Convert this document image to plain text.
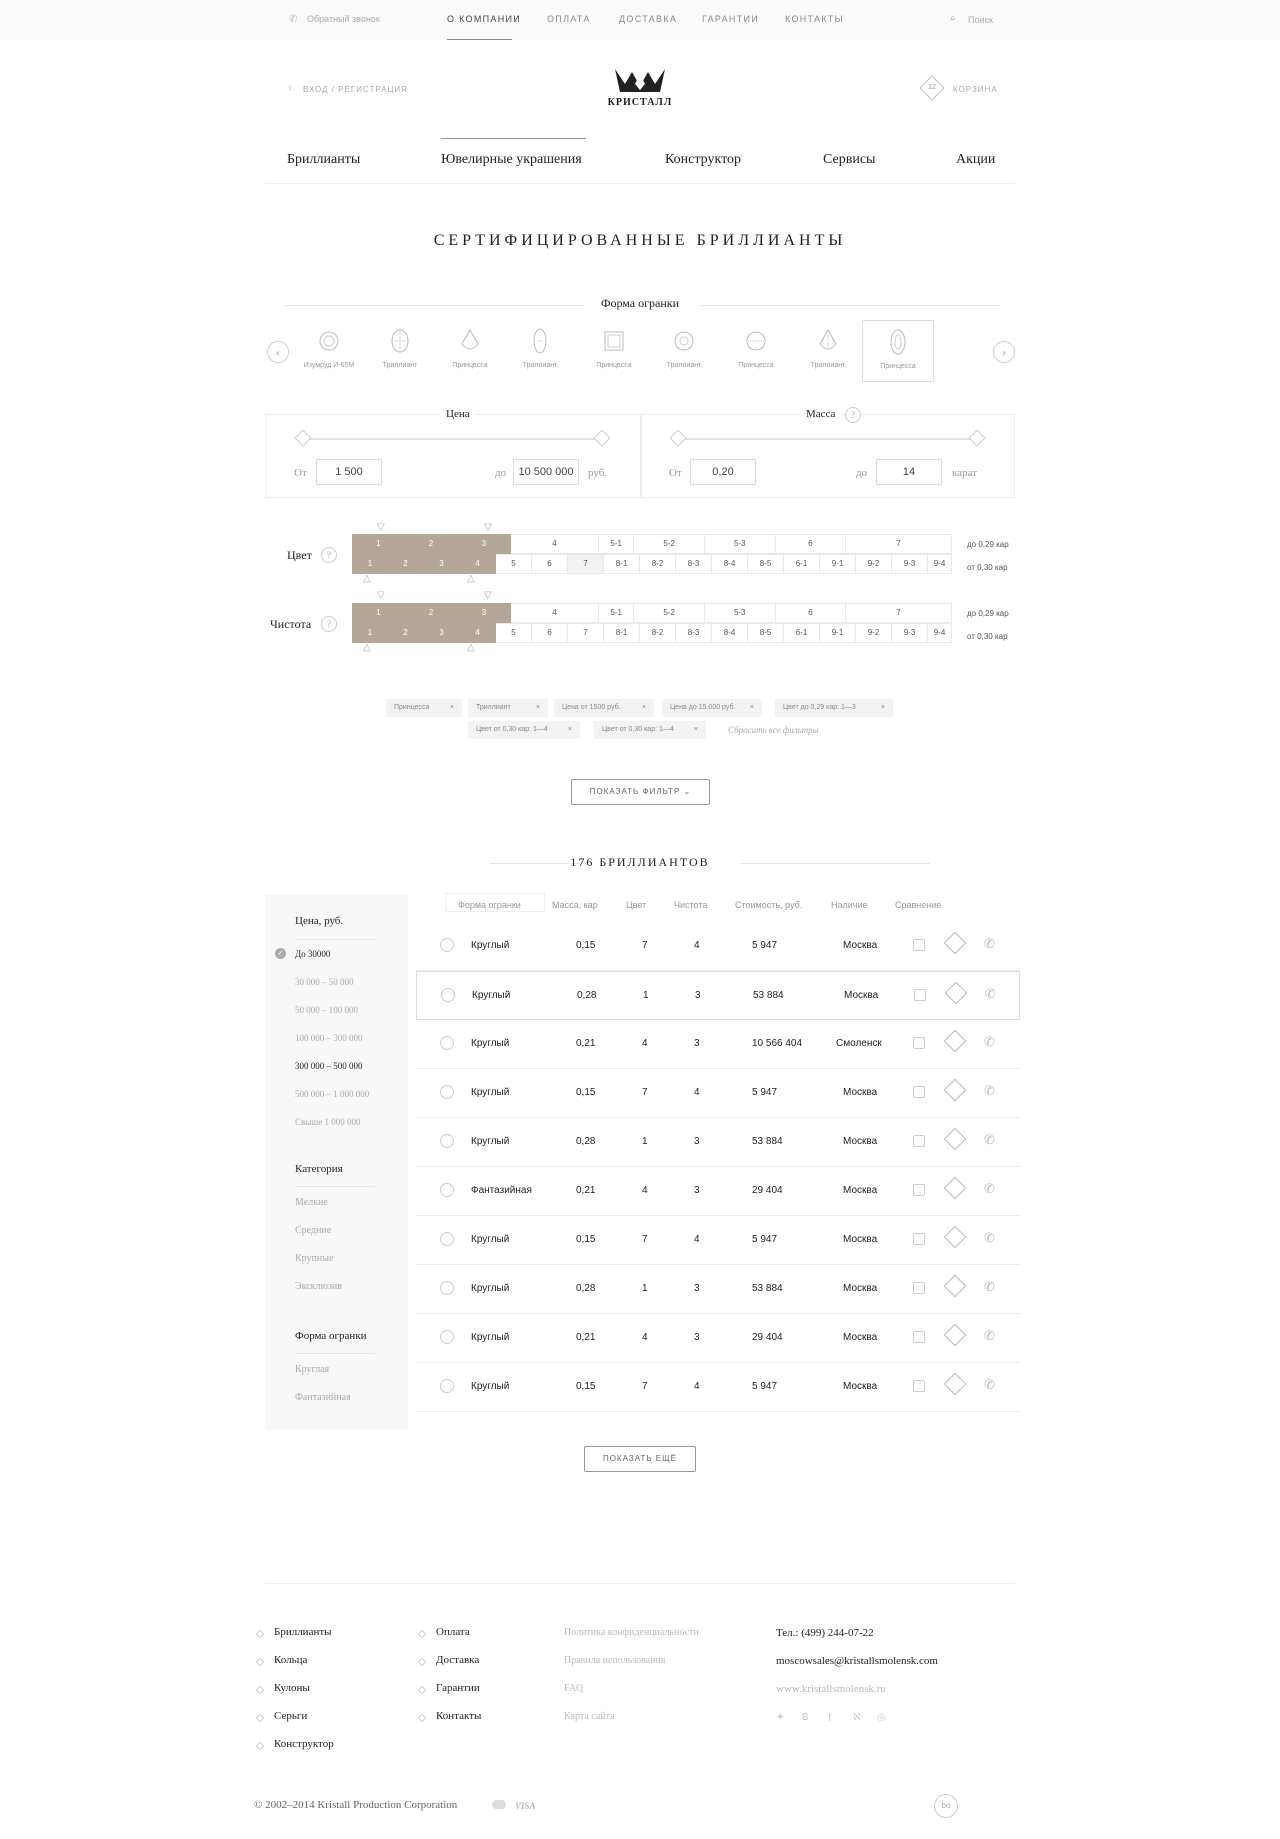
✆ Обратный звонок	О КОМПАНИИ	ОПЛАТА	ДОСТАВКА	ГАРАНТИИ	КОНТАКТЫ	⌕ Поиск
♀ ВХОД / РЕГИСТРАЦИЯ
КРИСТАЛЛ
12	КОРЗИНА
Бриллианты	Ювелирные украшения	Конструктор	Сервисы	Акции
СЕРТИФИЦИРОВАННЫЕ БРИЛЛИАНТЫ
Форма огранки
‹	›
Изумруд И-65М	Триллиант	Принцесса	Триллиант	Принцесса	Триллиант	Принцесса	Триллиант	Принцесса
Цена	Масса	?
От	1 500	до	10 500 000	руб.	От	0,20	до	14	карат
Цвет	?
Чистота	?
1	2	3	4	5-1	5-2	5-3	6	7
1	2	3	4	5	6	7	8-1	8-2	8-3	8-4	8-5	6-1	9-1	9-2	9-3	9-4
1	2	3	4	5-1	5-2	5-3	6	7
1	2	3	4	5	6	7	8-1	8-2	8-3	8-4	8-5	6-1	9-1	9-2	9-3	9-4
до 0,29 кар
от 0,30 кар
до 0,29 кар
от 0,30 кар
▽	▽
△	△
▽	▽
△	△
Принцесса	×	Триллиант	×	Цена от 1500 руб.	×	Цена до 15 000 руб. ×	Цвет до 0,29 кар: 1—3	×
Цвет от 0,30 кар: 1—4	×	Цвет от 0,30 кар: 1—4	×	Сбросить все фильтры
ПОКАЗАТЬ ФИЛЬТР ⌄
176 БРИЛЛИАНТОВ
Цена, руб.
✓ До 30000
30 000 – 50 000
50 000 – 100 000
100 000 – 300 000
300 000 – 500 000
500 000 – 1 000 000
Свыше 1 000 000
Категория
Мелкие
Средние
Крупные
Эксклюзив
Форма огранки
Круглая
Фантазийная
Форма огранки	Масса, кар	Цвет	Чистота	Стоимость, руб.	Наличие	Сравнение
Круглый	0,15	7	4	5 947	Москва	✆
Круглый	0,28	1	3	53 884	Москва	✆
Круглый	0,21	4	3	10 566 404	Смоленск	✆
Круглый	0,15	7	4	5 947	Москва	✆
Круглый	0,28	1	3	53 884	Москва	✆
Фантазийная	0,21	4	3	29 404	Москва	✆
Круглый	0,15	7	4	5 947	Москва	✆
Круглый	0,28	1	3	53 884	Москва	✆
Круглый	0,21	4	3	29 404	Москва	✆
Круглый	0,15	7	4	5 947	Москва	✆
ПОКАЗАТЬ ЕЩЁ
Бриллианты
Кольца
Кулоны
Серьги
Конструктор
Оплата
Доставка
Гарантии
Контакты
Политика конфиденциальности
Правила использования
FAQ
Карта сайта
Тел.: (499) 244-07-22
moscowsales@kristallsmolensk.com
www.kristallsmolensk.ru
© 2002–2014 Kristall Production Corporation	VISA
✦ B f ℵ ◎
bo
